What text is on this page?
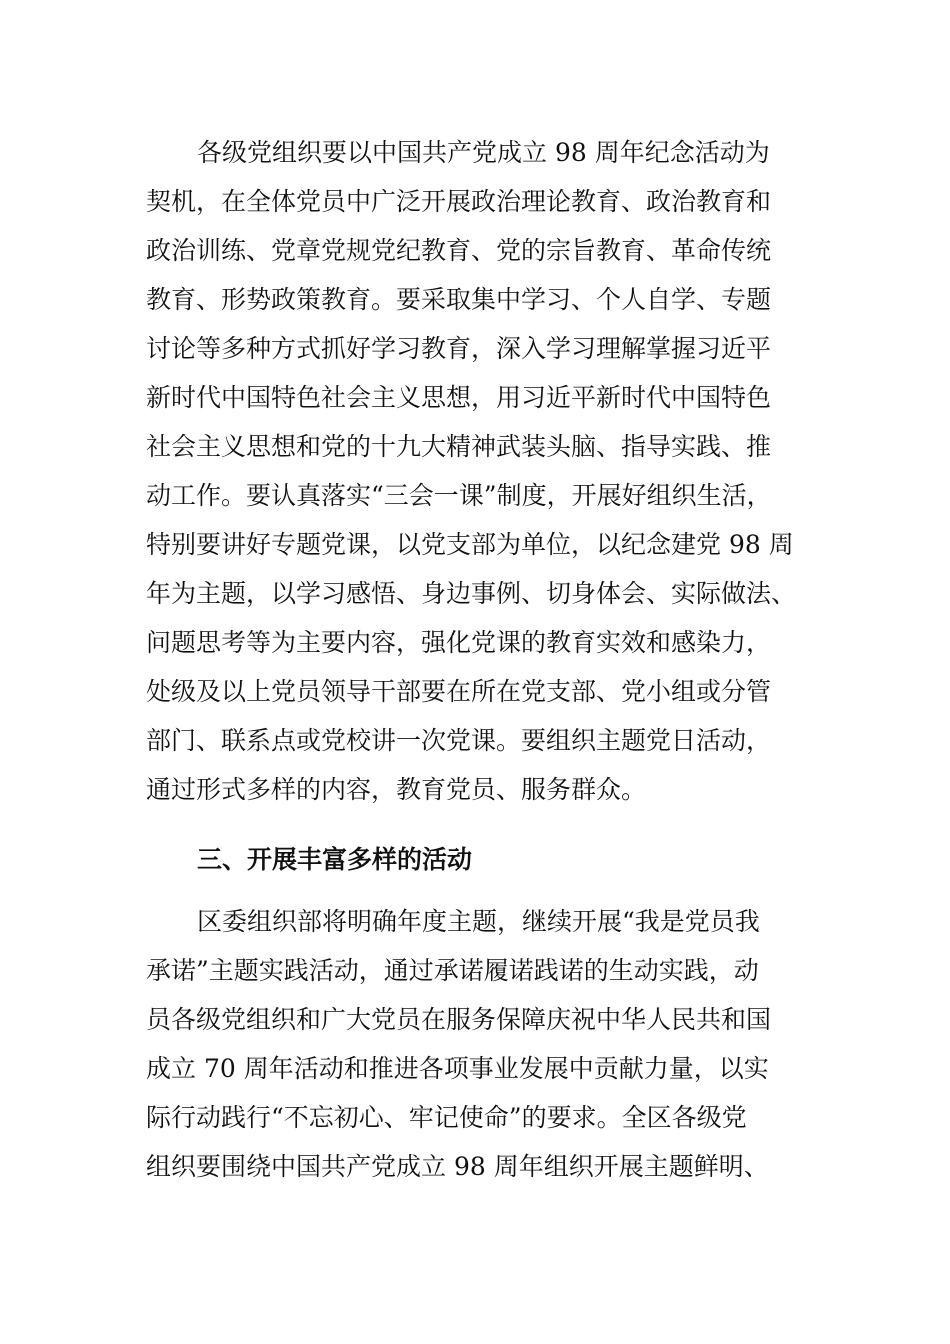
各级党组织要以中国共产党成立 98 周年纪念活动为
契机，在全体党员中广泛开展政治理论教育、政治教育和
政治训练、党章党规党纪教育、党的宗旨教育、革命传统
教育、形势政策教育。要采取集中学习、个人自学、专题
讨论等多种方式抓好学习教育，深入学习理解掌握习近平
新时代中国特色社会主义思想，用习近平新时代中国特色
社会主义思想和党的十九大精神武装头脑、指导实践、推
动工作。要认真落实“三会一课”制度，开展好组织生活，
特别要讲好专题党课，以党支部为单位，以纪念建党 98 周
年为主题，以学习感悟、身边事例、切身体会、实际做法、
问题思考等为主要内容，强化党课的教育实效和感染力，
处级及以上党员领导干部要在所在党支部、党小组或分管
部门、联系点或党校讲一次党课。要组织主题党日活动，
通过形式多样的内容，教育党员、服务群众。
三、开展丰富多样的活动
区委组织部将明确年度主题，继续开展“我是党员我
承诺”主题实践活动，通过承诺履诺践诺的生动实践，动
员各级党组织和广大党员在服务保障庆祝中华人民共和国
成立 70 周年活动和推进各项事业发展中贡献力量，以实
际行动践行“不忘初心、牢记使命”的要求。全区各级党
组织要围绕中国共产党成立 98 周年组织开展主题鲜明、
